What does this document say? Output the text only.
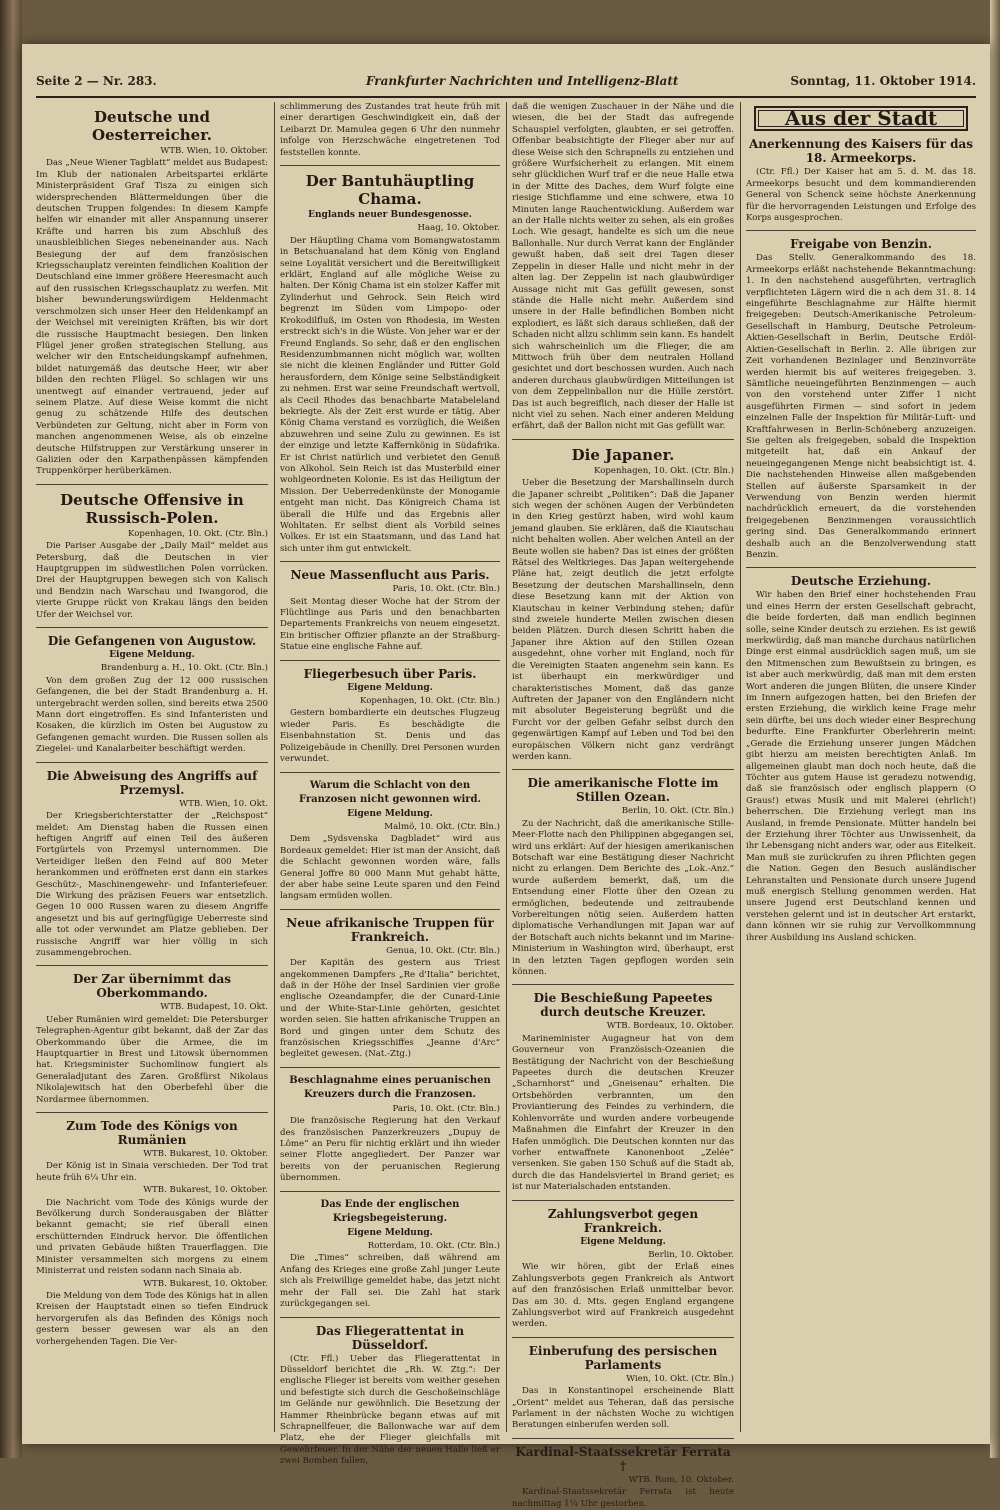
Seite 2 — Nr. 283.	Frankfurter Nachrichten und Intelligenz-Blatt	Sonntag, 11. Oktober 1914.
Deutsche und Oesterreicher.
WTB. Wien, 10. Oktober.

Das „Neue Wiener Tagblatt“ meldet aus Budapest: Im Klub der nationalen Arbeitspartei erklärte Ministerpräsident Graf Tisza zu einigen sich widersprechenden Blättermeldungen über die deutschen Truppen folgendes: In diesem Kampfe helfen wir einander mit aller Anspannung unserer Kräfte und harren bis zum Abschluß des unausbleiblichen Sieges nebeneinander aus. Nach Besiegung der auf dem französischen Kriegsschauplatz vereinten feindlichen Koalition der Deutschland eine immer größere Heeresmacht auch auf den russischen Kriegsschauplatz zu werfen. Mit bisher bewunderungswürdigem Heldenmacht verschmolzen sich unser Heer den Heldenkampf an der Weichsel mit vereinigten Kräften, bis wir dort die russische Hauptmacht besiegen. Den linken Flügel jener großen strategischen Stellung, aus welcher wir den Entscheidungskampf aufnehmen, bildet naturgemäß das deutsche Heer, wir aber bilden den rechten Flügel. So schlagen wir uns unentwegt auf einander vertrauend, jeder auf seinem Platze. Auf diese Weise kommt die nicht genug zu schätzende Hilfe des deutschen Verbündeten zur Geltung, nicht aber in Form von manchen angenommenen Weise, als ob einzelne deutsche Hilfstruppen zur Verstärkung unserer in Galizien oder den Karpathenpässen kämpfenden Truppenkörper herüberkämen.

Deutsche Offensive in Russisch-Polen.
Kopenhagen, 10. Okt. (Ctr. Bln.)

Die Pariser Ausgabe der „Daily Mail“ meldet aus Petersburg, daß die Deutschen in vier Hauptgruppen im südwestlichen Polen vorrücken. Drei der Hauptgruppen bewegen sich von Kalisch und Bendzin nach Warschau und Iwangorod, die vierte Gruppe rückt von Krakau längs den beiden Ufer der Weichsel vor.

Die Gefangenen von Augustow.
Eigene Meldung.
Brandenburg a. H., 10. Okt. (Ctr. Bln.)

Von dem großen Zug der 12 000 russischen Gefangenen, die bei der Stadt Brandenburg a. H. untergebracht werden sollen, sind bereits etwa 2500 Mann dort eingetroffen. Es sind Infanteristen und Kosaken, die kürzlich im Osten bei Augustow zu Gefangenen gemacht wurden. Die Russen sollen als Ziegelei- und Kanalarbeiter beschäftigt werden.

Die Abweisung des Angriffs auf Przemysl.
WTB. Wien, 10. Okt.

Der Kriegsberichterstatter der „Reichspost“ meldet: Am Dienstag haben die Russen einen heftigen Angriff auf einen Teil des äußeren Fortgürtels von Przemysl unternommen. Die Verteidiger ließen den Feind auf 800 Meter herankommen und eröffneten erst dann ein starkes Geschütz-, Maschinengewehr- und Infanteriefeuer. Die Wirkung des präzisen Feuers war entsetzlich. Gegen 10 000 Russen waren zu diesem Angriffe angesetzt und bis auf geringfügige Ueberreste sind alle tot oder verwundet am Platze geblieben. Der russische Angriff war hier völlig in sich zusammengebrochen.

Der Zar übernimmt das Oberkommando.
WTB. Budapest, 10. Okt.

Ueber Rumänien wird gemeldet: Die Petersburger Telegraphen-Agentur gibt bekannt, daß der Zar das Oberkommando über die Armee, die im Hauptquartier in Brest und Litowsk übernommen hat. Kriegsminister Suchomlinow fungiert als Generaladjutant des Zaren. Großfürst Nikolaus Nikolajewitsch hat den Oberbefehl über die Nordarmee übernommen.

Zum Tode des Königs von Rumänien
WTB. Bukarest, 10. Oktober.

Der König ist in Sinaia verschieden. Der Tod trat heute früh 6¼ Uhr ein.

WTB. Bukarest, 10. Oktober.

Die Nachricht vom Tode des Königs wurde der Bevölkerung durch Sonderausgaben der Blätter bekannt gemacht; sie rief überall einen erschütternden Eindruck hervor. Die öffentlichen und privaten Gebäude hißten Trauerflaggen. Die Minister versammelten sich morgens zu einem Ministerrat und reisten sodann nach Sinaia ab.

WTB. Bukarest, 10. Oktober.

Die Meldung von dem Tode des Königs hat in allen Kreisen der Hauptstadt einen so tiefen Eindruck hervorgerufen als das Befinden des Königs noch gestern besser gewesen war als an den vorhergehenden Tagen. Die Ver-

schlimmerung des Zustandes trat heute früh mit einer derartigen Geschwindigkeit ein, daß der Leibarzt Dr. Mamulea gegen 6 Uhr den nunmehr infolge von Herzschwäche eingetretenen Tod feststellen konnte.

Der Bantuhäuptling Chama.
Englands neuer Bundesgenosse.
Haag, 10. Oktober.

Der Häuptling Chama vom Bomangwatostamm in Betschuanaland hat dem König von England seine Loyalität versichert und die Bereitwilligkeit erklärt, England auf alle mögliche Weise zu halten. Der König Chama ist ein stolzer Kaffer mit Zylinderhut und Gehrock. Sein Reich wird begrenzt im Süden vom Limpopo- oder Krokodilfluß, im Osten von Rhodesia, im Westen erstreckt sich's in die Wüste. Von jeher war er der Freund Englands. So sehr, daß er den englischen Residenzumbmannen nicht möglich war, wollten sie nicht die kleinen Engländer und Ritter Gold herausfordern, dem Könige seine Selbständigkeit zu nehmen. Erst war seine Freundschaft wertvoll, als Cecil Rhodes das benachbarte Matabeleland bekriegte. Als der Zeit erst wurde er tätig. Aber König Chama verstand es vorzüglich, die Weißen abzuwehren und seine Zulu zu gewinnen. Es ist der einzige und letzte Kaffernkönig in Südafrika. Er ist Christ natürlich und verbietet den Genuß von Alkohol. Sein Reich ist das Musterbild einer wohlgeordneten Kolonie. Es ist das Heiligtum der Mission. Der Ueberredenkünste der Monogamie entgeht man nicht. Das Königreich Chama ist überall die Hilfe und das Ergebnis aller Wohltaten. Er selbst dient als Vorbild seines Volkes. Er ist ein Staatsmann, und das Land hat sich unter ihm gut entwickelt.

Neue Massenflucht aus Paris.
Paris, 10. Okt. (Ctr. Bln.)

Seit Montag dieser Woche hat der Strom der Flüchtlinge aus Paris und den benachbarten Departements Frankreichs von neuem eingesetzt. Ein britischer Offizier pflanzte an der Straßburg-Statue eine englische Fahne auf.

Fliegerbesuch über Paris.
Eigene Meldung.
Kopenhagen, 10. Okt. (Ctr. Bln.)

Gestern bombardierte ein deutsches Flugzeug wieder Paris. Es beschädigte die Eisenbahnstation St. Denis und das Polizeigebäude in Chenilly. Drei Personen wurden verwundet.

Warum die Schlacht von den Franzosen nicht gewonnen wird.
Eigene Meldung.
Malmö, 10. Okt. (Ctr. Bln.)

Dem „Sydsvenska Dagbladet“ wird aus Bordeaux gemeldet: Hier ist man der Ansicht, daß die Schlacht gewonnen worden wäre, falls General Joffre 80 000 Mann Mut gehabt hätte, der aber habe seine Leute sparen und den Feind langsam ermüden wollen.

Neue afrikanische Truppen für Frankreich.
Genua, 10. Okt. (Ctr. Bln.)

Der Kapitän des gestern aus Triest angekommenen Dampfers „Re d'Italia“ berichtet, daß in der Höhe der Insel Sardinien vier große englische Ozeandampfer, die der Cunard-Linie und der White-Star-Linie gehörten, gesichtet worden seien. Sie hatten afrikanische Truppen an Bord und gingen unter dem Schutz des französischen Kriegsschiffes „Jeanne d'Arc“ begleitet gewesen. (Nat.-Ztg.)

Beschlagnahme eines peruanischen Kreuzers durch die Franzosen.
Paris, 10. Okt. (Ctr. Bln.)

Die französische Regierung hat den Verkauf des französischen Panzerkreuzers „Dupuy de Lôme“ an Peru für nichtig erklärt und ihn wieder seiner Flotte angegliedert. Der Panzer war bereits von der peruanischen Regierung übernommen.

Das Ende der englischen Kriegsbegeisterung.
Eigene Meldung.
Rotterdam, 10. Okt. (Ctr. Bln.)

Die „Times“ schreiben, daß während am Anfang des Krieges eine große Zahl junger Leute sich als Freiwillige gemeldet habe, das jetzt nicht mehr der Fall sei. Die Zahl hat stark zurückgegangen sei.

Das Fliegerattentat in Düsseldorf.

(Ctr. Ffl.) Ueber das Fliegerattentat in Düsseldorf berichtet die „Rh. W. Ztg.“: Der englische Flieger ist bereits vom weither gesehen und befestigte sich durch die Geschoßeinschläge im Gelände nur gewöhnlich. Die Besetzung der Hammer Rheinbrücke begann etwas auf mit Schrapnellfeuer, die Ballonwache war auf dem Platz, ehe der Flieger gleichfalls mit Gewehrfeuer. In der Nähe der neuen Halle ließ er zwei Bomben fallen,

daß die wenigen Zuschauer in der Nähe und die wiesen, die bei der Stadt das aufregende Schauspiel verfolgten, glaubten, er sei getroffen. Offenbar beabsichtigte der Flieger aber nur auf diese Weise sich den Schrapnells zu entziehen und größere Wurfsicherheit zu erlangen. Mit einem sehr glücklichen Wurf traf er die neue Halle etwa in der Mitte des Daches, dem Wurf folgte eine riesige Stichflamme und eine schwere, etwa 10 Minuten lange Rauchentwicklung. Außerdem war an der Halle nichts weiter zu sehen, als ein großes Loch. Wie gesagt, handelte es sich um die neue Ballonhalle. Nur durch Verrat kann der Engländer gewußt haben, daß seit drei Tagen dieser Zeppelin in dieser Halle und nicht mehr in der alten lag. Der Zeppelin ist nach glaubwürdiger Aussage nicht mit Gas gefüllt gewesen, sonst stände die Halle nicht mehr. Außerdem sind unsere in der Halle befindlichen Bomben nicht explodiert, es läßt sich daraus schließen, daß der Schaden nicht allzu schlimm sein kann. Es handelt sich wahrscheinlich um die Flieger, die am Mittwoch früh über dem neutralen Holland gesichtet und dort beschossen wurden. Auch nach anderen durchaus glaubwürdigen Mitteilungen ist von dem Zeppelinballon nur die Hülle zerstört. Das ist auch begreiflich, nach dieser der Halle ist nicht viel zu sehen. Nach einer anderen Meldung erfährt, daß der Ballon nicht mit Gas gefüllt war.

Die Japaner.
Kopenhagen, 10. Okt. (Ctr. Bln.)

Ueber die Besetzung der Marshallinseln durch die Japaner schreibt „Politiken“: Daß die Japaner sich wegen der schönen Augen der Verbündeten in den Krieg gestürzt haben, wird wohl kaum jemand glauben. Sie erklären, daß die Kiautschau nicht behalten wollen. Aber welchen Anteil an der Beute wollen sie haben? Das ist eines der größten Rätsel des Weltkrieges. Das Japan weitergehende Pläne hat, zeigt deutlich die jetzt erfolgte Besetzung der deutschen Marshallinseln, denn diese Besetzung kann mit der Aktion von Kiautschau in keiner Verbindung stehen; dafür sind zweiele hunderte Meilen zwischen diesen beiden Plätzen. Durch diesen Schritt haben die Japaner ihre Aktion auf den Stillen Ozean ausgedehnt, ohne vorher mit England, noch für die Vereinigten Staaten angenehm sein kann. Es ist überhaupt ein merkwürdiger und charakteristisches Moment, daß das ganze Auftreten der Japaner von den Engländern nicht mit absoluter Begeisterung begrüßt und die Furcht vor der gelben Gefahr selbst durch den gegenwärtigen Kampf auf Leben und Tod bei den europäischen Völkern nicht ganz verdrängt werden kann.

Die amerikanische Flotte im Stillen Ozean.
Berlin, 10. Okt. (Ctr. Bln.)

Zu der Nachricht, daß die amerikanische Stille-Meer-Flotte nach den Philippinen abgegangen sei, wird uns erklärt: Auf der hiesigen amerikanischen Botschaft war eine Bestätigung dieser Nachricht nicht zu erlangen. Dem Berichte des „Lok.-Anz.“ wurde außerdem bemerkt, daß, um die Entsendung einer Flotte über den Ozean zu ermöglichen, bedeutende und zeitraubende Vorbereitungen nötig seien. Außerdem hatten diplomatische Verhandlungen mit Japan war auf der Botschaft auch nichts bekannt und im Marine-Ministerium in Washington wird, überhaupt, erst in den letzten Tagen gepflogen worden sein können.

Die Beschießung Papeetes durch deutsche Kreuzer.
WTB. Bordeaux, 10. Oktober.

Marineminister Augagneur hat von dem Gouverneur von Französisch-Ozeanien die Bestätigung der Nachricht von der Beschießung Papeetes durch die deutschen Kreuzer „Scharnhorst“ und „Gneisenau“ erhalten. Die Ortsbehörden verbrannten, um den Proviantierung des Feindes zu verhindern, die Kohlenvorräte und wurden andere vorbeugende Maßnahmen die Einfahrt der Kreuzer in den Hafen unmöglich. Die Deutschen konnten nur das vorher entwaffnete Kanonenboot „Zelée“ versenken. Sie gaben 150 Schuß auf die Stadt ab, durch die das Handelsviertel in Brand geriet; es ist nur Materialschaden entstanden.

Zahlungsverbot gegen Frankreich.
Eigene Meldung.
Berlin, 10. Oktober.

Wie wir hören, gibt der Erlaß eines Zahlungsverbots gegen Frankreich als Antwort auf den französischen Erlaß unmittelbar bevor. Das am 30. d. Mts. gegen England ergangene Zahlungsverbot wird auf Frankreich ausgedehnt werden.

Einberufung des persischen Parlaments
Wien, 10. Okt. (Ctr. Bln.)

Das in Konstantinopel erscheinende Blatt „Orient“ meldet aus Teheran, daß das persische Parlament in der nächsten Woche zu wichtigen Beratungen einberufen werden soll.

Kardinal-Staatssekretär Ferrata †
WTB. Rom, 10. Oktober.

Kardinal-Staatssekretär Ferrata ist heute nachmittag 1¼ Uhr gestorben.

Aus der Stadt
Anerkennung des Kaisers für das 18. Armeekorps.

(Ctr. Ffl.) Der Kaiser hat am 5. d. M. das 18. Armeekorps besucht und dem kommandierenden General von Schenck seine höchste Anerkennung für die hervorragenden Leistungen und Erfolge des Korps ausgesprochen.

Freigabe von Benzin.

Das Stellv. Generalkommando des 18. Armeekorps erläßt nachstehende Bekanntmachung: 1. In den nachstehend ausgeführten, vertraglich verpflichteten Lägern wird die n ach dem 31. 8. 14 eingeführte Beschlagnahme zur Hälfte hiermit freigegeben: Deutsch-Amerikanische Petroleum-Gesellschaft in Hamburg, Deutsche Petroleum-Aktien-Gesellschaft in Berlin, Deutsche Erdöl-Aktien-Gesellschaft in Berlin. 2. Alle übrigen zur Zeit vorhandenen Bezinlager und Benzinvorräte werden hiermit bis auf weiteres freigegeben. 3. Sämtliche neueingeführten Benzinmengen — auch von den vorstehend unter Ziffer 1 nicht ausgeführten Firmen — sind sofort in jedem einzelnen Falle der Inspektion für Militär-Luft- und Kraftfahrwesen in Berlin-Schöneberg anzuzeigen. Sie gelten als freigegeben, sobald die Inspektion mitgeteilt hat, daß ein Ankauf der neueingegangenen Menge nicht beabsichtigt ist. 4. Die nachstehenden Hinweise allen maßgebenden Stellen auf äußerste Sparsamkeit in der Verwendung von Benzin werden hiermit nachdrücklich erneuert, da die vorstehenden freigegebenen Benzinmengen voraussichtlich gering sind. Das Generalkommando erinnert deshalb auch an die Benzolverwendung statt Benzin.

Deutsche Erziehung.

Wir haben den Brief einer hochstehenden Frau und eines Herrn der ersten Gesellschaft gebracht, die beide forderten, daß man endlich beginnen solle, seine Kinder deutsch zu erziehen. Es ist gewiß merkwürdig, daß man manche durchaus natürlichen Dinge erst einmal ausdrücklich sagen muß, um sie den Mitmenschen zum Bewußtsein zu bringen, es ist aber auch merkwürdig, daß man mit dem ersten Wort anderen die jungen Blüten, die unsere Kinder im Innern aufgezogen hatten, bei den Briefen der ersten Erziehung, die wirklich keine Frage mehr sein dürfte, bei uns doch wieder einer Besprechung bedurfte. Eine Frankfurter Oberlehrerin meint: „Gerade die Erziehung unserer jungen Mädchen gibt hierzu am meisten berechtigten Anlaß. Im allgemeinen glaubt man doch noch heute, daß die Töchter aus gutem Hause ist geradezu notwendig, daß sie französisch oder englisch plappern (O Graus!) etwas Musik und mit Malerei (ehrlich!) beherrschen. Die Erziehung verlegt man ins Ausland, in fremde Pensionate. Mütter handeln bei der Erziehung ihrer Töchter aus Unwissenheit, da ihr Lebensgang nicht anders war, oder aus Eitelkeit. Man muß sie zurückrufen zu ihren Pflichten gegen die Nation. Gegen den Besuch ausländischer Lehranstalten und Pensionate durch unsere Jugend muß energisch Stellung genommen werden. Hat unsere Jugend erst Deutschland kennen und verstehen gelernt und ist in deutscher Art erstarkt, dann können wir sie ruhig zur Vervollkommnung ihrer Ausbildung ins Ausland schicken.
